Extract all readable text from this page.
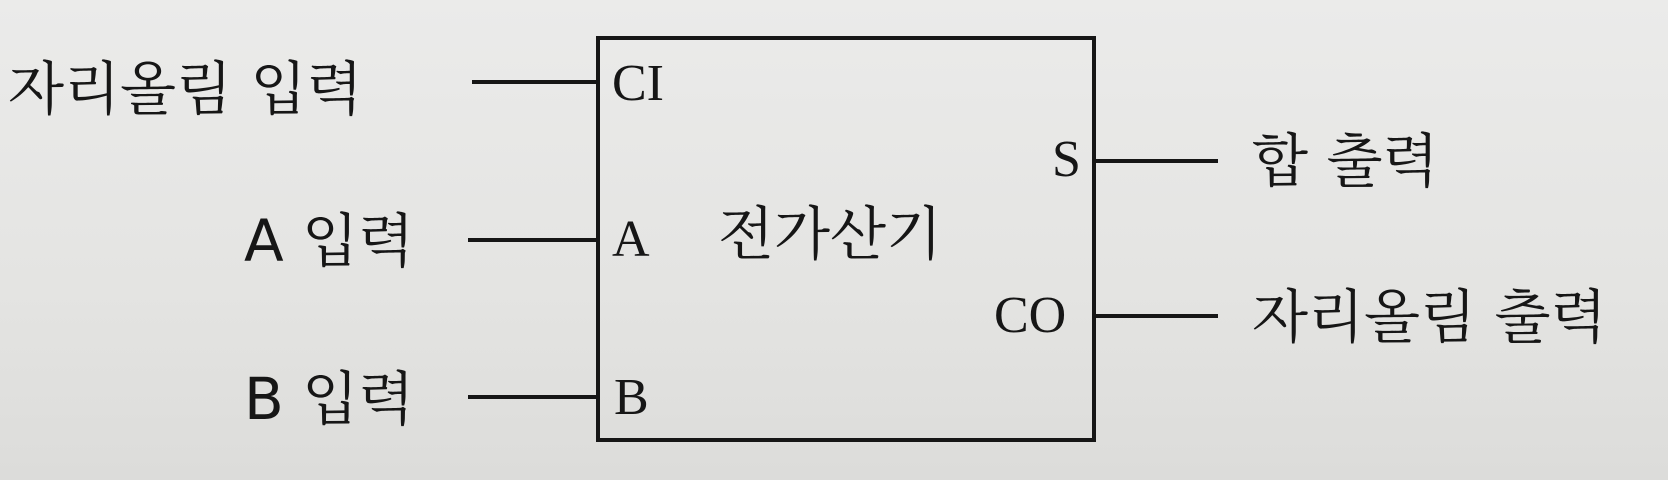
자리올림 입력
A 입력
B 입력
합 출력
자리올림 출력
CI
A
B
S
CO
전가산기
